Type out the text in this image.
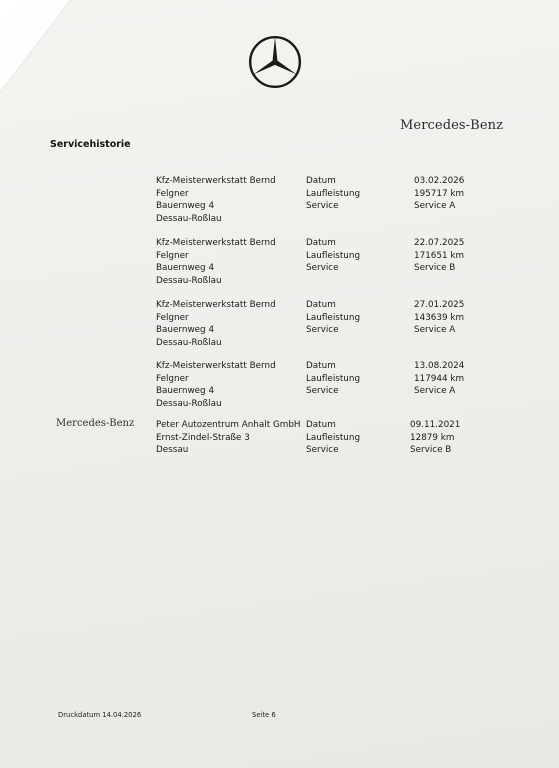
Mercedes-Benz
Servicehistorie
Kfz-Meisterwerkstatt Bernd
Felgner
Bauernweg 4
Dessau-Roßlau
Datum
Laufleistung
Service
03.02.2026
195717 km
Service A
Kfz-Meisterwerkstatt Bernd
Felgner
Bauernweg 4
Dessau-Roßlau
Datum
Laufleistung
Service
22.07.2025
171651 km
Service B
Kfz-Meisterwerkstatt Bernd
Felgner
Bauernweg 4
Dessau-Roßlau
Datum
Laufleistung
Service
27.01.2025
143639 km
Service A
Kfz-Meisterwerkstatt Bernd
Felgner
Bauernweg 4
Dessau-Roßlau
Datum
Laufleistung
Service
13.08.2024
117944 km
Service A
Mercedes-Benz Peter Autozentrum Anhalt GmbH
Ernst-Zindel-Straße 3
Dessau
Datum
Laufleistung
Service
09.11.2021
12879 km
Service B
Druckdatum 14.04.2026	Seite 6
